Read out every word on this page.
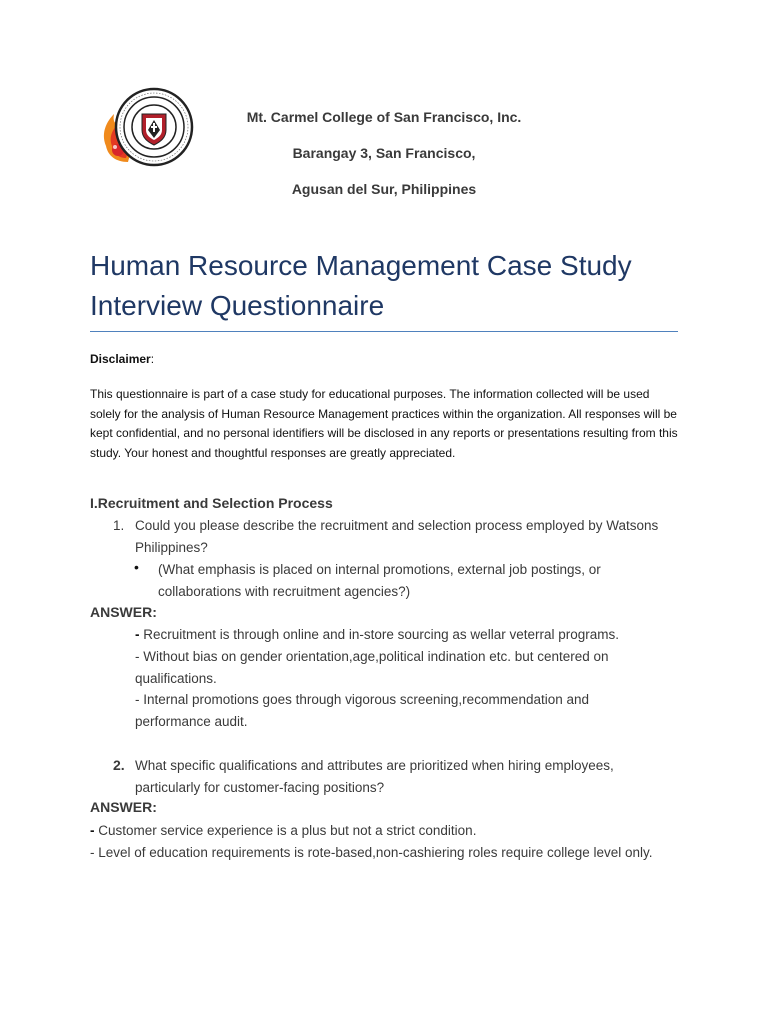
Mt. Carmel College of San Francisco, Inc.
Barangay 3, San Francisco,
Agusan del Sur, Philippines
Human Resource Management Case Study
Interview Questionnaire
Disclaimer:
This questionnaire is part of a case study for educational purposes. The information collected will be used solely for the analysis of Human Resource Management practices within the organization. All responses will be kept confidential, and no personal identifiers will be disclosed in any reports or presentations resulting from this study. Your honest and thoughtful responses are greatly appreciated.
I.Recruitment and Selection Process
1. Could you please describe the recruitment and selection process employed by Watsons Philippines?
• (What emphasis is placed on internal promotions, external job postings, or collaborations with recruitment agencies?)
ANSWER:
- Recruitment is through online and in-store sourcing as wellar veterral programs.
- Without bias on gender orientation,age,political indination etc. but centered on qualifications.
- Internal promotions goes through vigorous screening,recommendation and performance audit.
2. What specific qualifications and attributes are prioritized when hiring employees, particularly for customer-facing positions?
ANSWER:
- Customer service experience is a plus but not a strict condition.
- Level of education requirements is rote-based,non-cashiering roles require college level only.
